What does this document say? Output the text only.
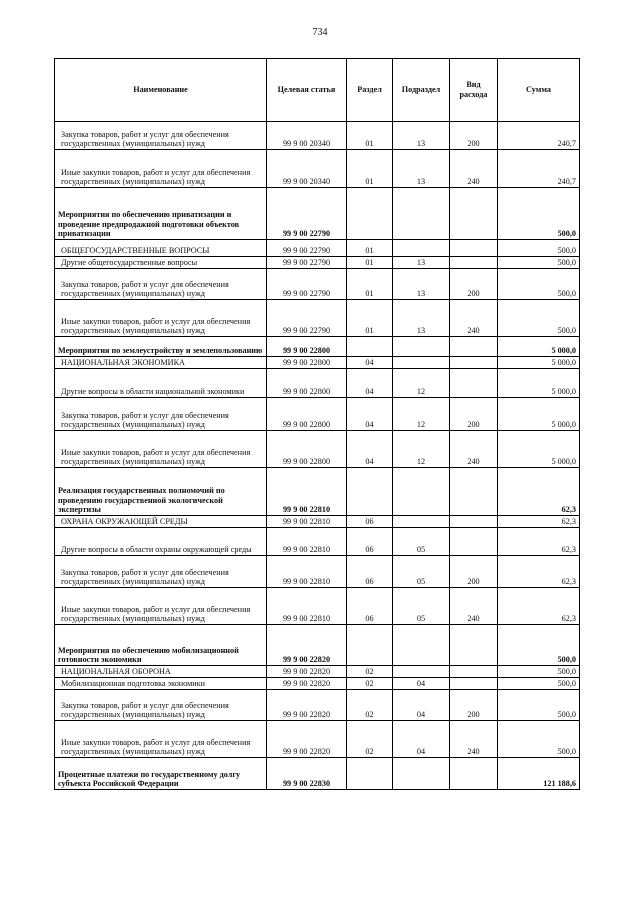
734
Наименование	Целевая статья	Раздел	Подраздел	Вид расхода	Сумма
Закупка товаров, работ и услуг для обеспечения государственных (муниципальных) нужд	99 9 00 20340	01	13	200	240,7
Иные закупки товаров, работ и услуг для обеспечения государственных (муниципальных) нужд	99 9 00 20340	01	13	240	240,7
Мероприятия по обеспечению приватизации и проведение предпродажной подготовки объектов приватизации	99 9 00 22790				500,0
ОБЩЕГОСУДАРСТВЕННЫЕ ВОПРОСЫ	99 9 00 22790	01			500,0
Другие общегосударственные вопросы	99 9 00 22790	01	13		500,0
Закупка товаров, работ и услуг для обеспечения государственных (муниципальных) нужд	99 9 00 22790	01	13	200	500,0
Иные закупки товаров, работ и услуг для обеспечения государственных (муниципальных) нужд	99 9 00 22790	01	13	240	500,0
Мероприятия по землеустройству и землепользованию	99 9 00 22800				5 000,0
НАЦИОНАЛЬНАЯ ЭКОНОМИКА	99 9 00 22800	04			5 000,0
Другие вопросы в области национальной экономики	99 9 00 22800	04	12		5 000,0
Закупка товаров, работ и услуг для обеспечения государственных (муниципальных) нужд	99 9 00 22800	04	12	200	5 000,0
Иные закупки товаров, работ и услуг для обеспечения государственных (муниципальных) нужд	99 9 00 22800	04	12	240	5 000,0
Реализация государственных полномочий по проведению государственной экологической экспертизы	99 9 00 22810				62,3
ОХРАНА ОКРУЖАЮЩЕЙ СРЕДЫ	99 9 00 22810	06			62,3
Другие вопросы в области охраны окружающей среды	99 9 00 22810	06	05		62,3
Закупка товаров, работ и услуг для обеспечения государственных (муниципальных) нужд	99 9 00 22810	06	05	200	62,3
Иные закупки товаров, работ и услуг для обеспечения государственных (муниципальных) нужд	99 9 00 22810	06	05	240	62,3
Мероприятия по обеспечению мобилизационной готовности экономики	99 9 00 22820				500,0
НАЦИОНАЛЬНАЯ ОБОРОНА	99 9 00 22820	02			500,0
Мобилизационная подготовка экономики	99 9 00 22820	02	04		500,0
Закупка товаров, работ и услуг для обеспечения государственных (муниципальных) нужд	99 9 00 22820	02	04	200	500,0
Иные закупки товаров, работ и услуг для обеспечения государственных (муниципальных) нужд	99 9 00 22820	02	04	240	500,0
Процентные платежи по государственному долгу субъекта Российской Федерации	99 9 00 22830				121 188,6
